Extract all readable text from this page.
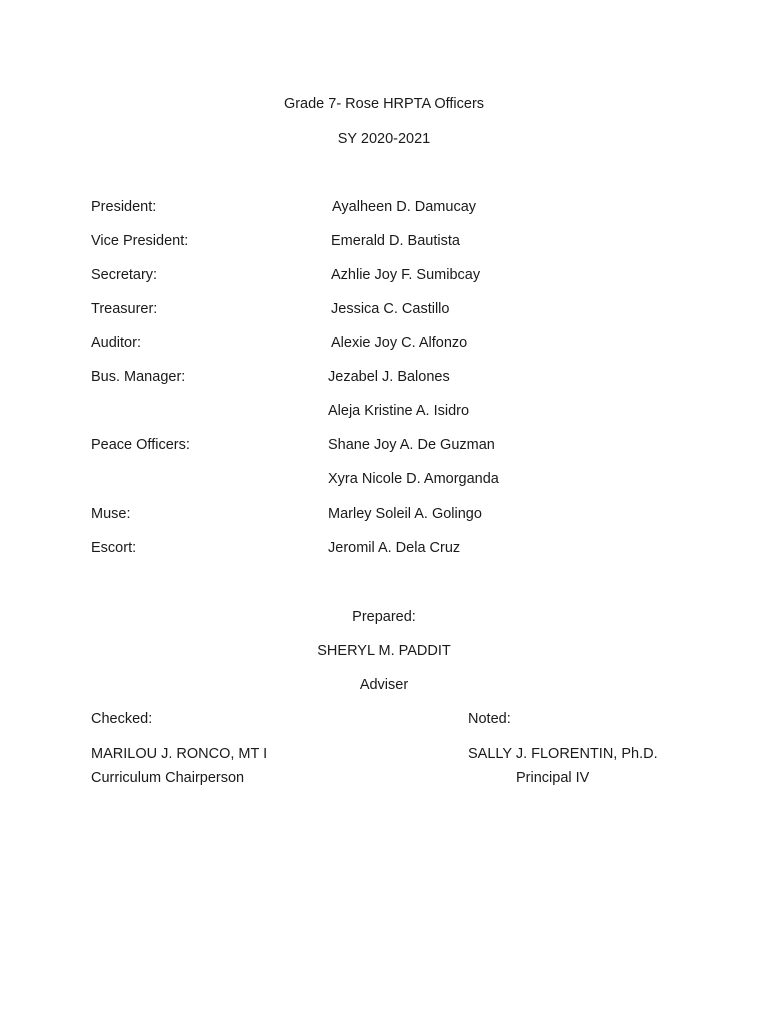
Grade 7- Rose HRPTA Officers
SY 2020-2021
President:	Ayalheen D. Damucay
Vice President:	Emerald D. Bautista
Secretary:	Azhlie Joy F. Sumibcay
Treasurer:	Jessica C. Castillo
Auditor:	Alexie Joy C. Alfonzo
Bus. Manager:	Jezabel J. Balones
Aleja Kristine A. Isidro
Peace Officers:	Shane Joy A. De Guzman
Xyra Nicole D. Amorganda
Muse:	Marley Soleil A. Golingo
Escort:	Jeromil A. Dela Cruz
Prepared:
SHERYL M. PADDIT
Adviser
Checked:
MARILOU J. RONCO, MT I
Curriculum Chairperson
Noted:
SALLY J. FLORENTIN, Ph.D.
Principal IV
